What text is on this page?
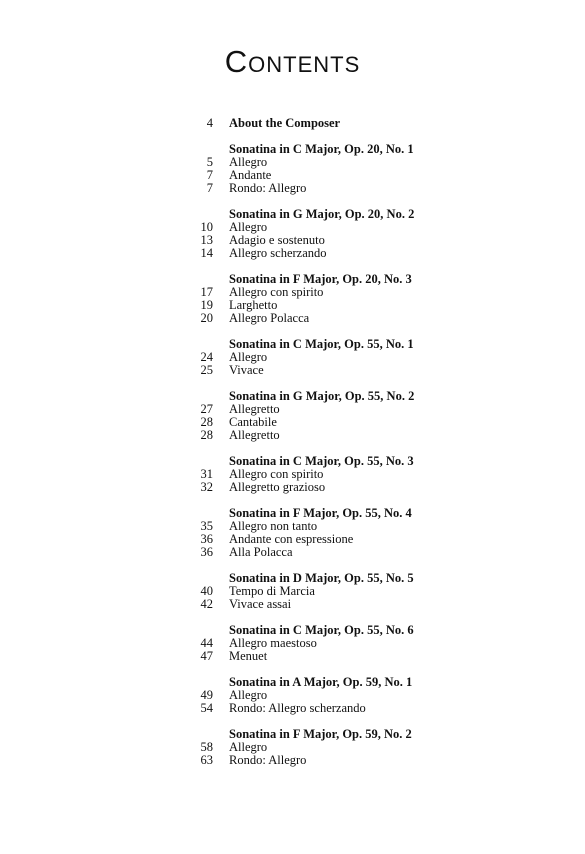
Contents
4 About the Composer
Sonatina in C Major, Op. 20, No. 1
5 Allegro
7 Andante
7 Rondo: Allegro
Sonatina in G Major, Op. 20, No. 2
10 Allegro
13 Adagio e sostenuto
14 Allegro scherzando
Sonatina in F Major, Op. 20, No. 3
17 Allegro con spirito
19 Larghetto
20 Allegro Polacca
Sonatina in C Major, Op. 55, No. 1
24 Allegro
25 Vivace
Sonatina in G Major, Op. 55, No. 2
27 Allegretto
28 Cantabile
28 Allegretto
Sonatina in C Major, Op. 55, No. 3
31 Allegro con spirito
32 Allegretto grazioso
Sonatina in F Major, Op. 55, No. 4
35 Allegro non tanto
36 Andante con espressione
36 Alla Polacca
Sonatina in D Major, Op. 55, No. 5
40 Tempo di Marcia
42 Vivace assai
Sonatina in C Major, Op. 55, No. 6
44 Allegro maestoso
47 Menuet
Sonatina in A Major, Op. 59, No. 1
49 Allegro
54 Rondo: Allegro scherzando
Sonatina in F Major, Op. 59, No. 2
58 Allegro
63 Rondo: Allegro
